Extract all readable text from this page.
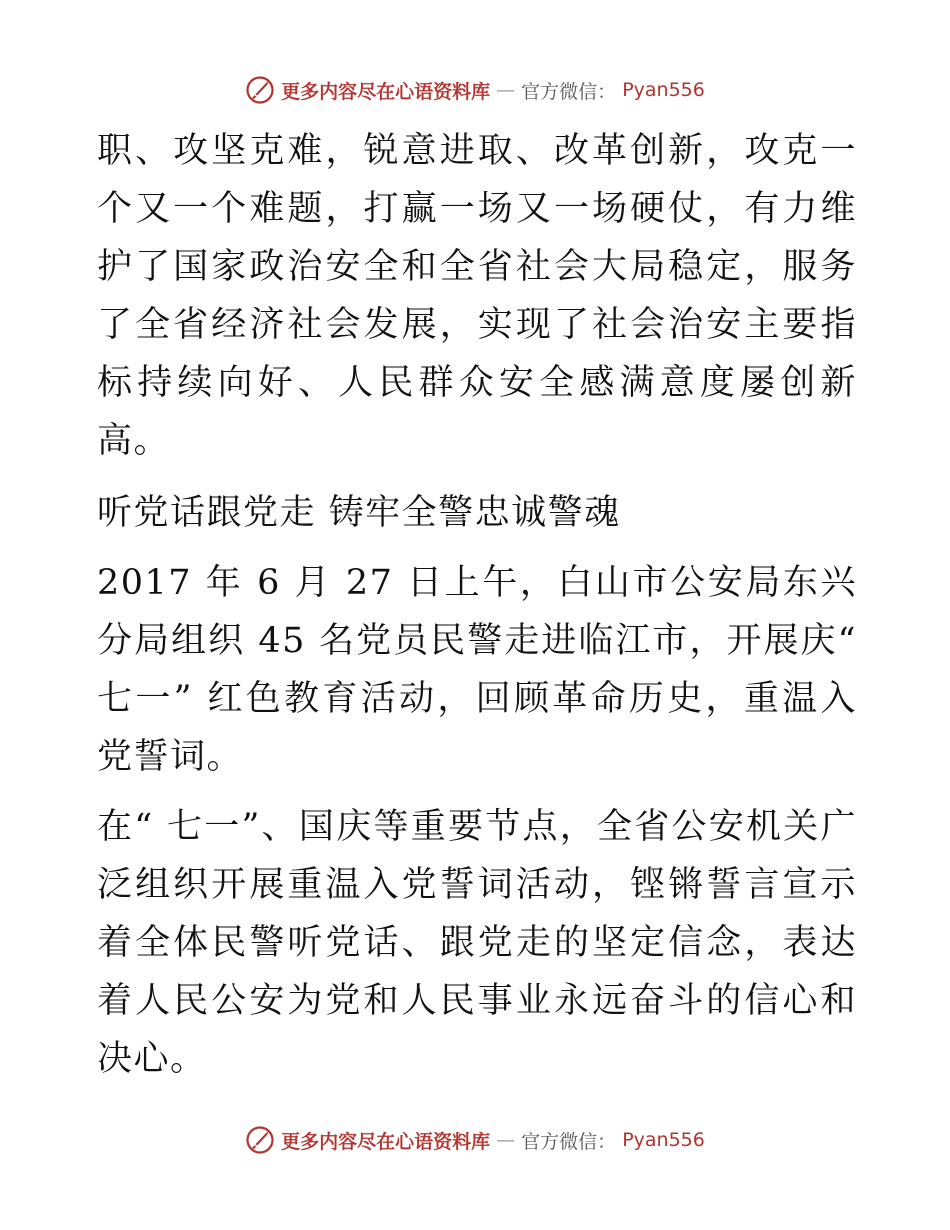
更多内容尽在心语资料库 — 官方微信： Pyan556

职、攻坚克难，锐意进取、改革创新，攻克一个又一个难题，打赢一场又一场硬仗，有力维护了国家政治安全和全省社会大局稳定，服务了全省经济社会发展，实现了社会治安主要指标持续向好、人民群众安全感满意度屡创新高。

听党话跟党走 铸牢全警忠诚警魂

2017 年 6 月 27 日上午，白山市公安局东兴分局组织 45 名党员民警走进临江市，开展庆“ 七一” 红色教育活动，回顾革命历史，重温入党誓词。

在“ 七一”、国庆等重要节点，全省公安机关广泛组织开展重温入党誓词活动，铿锵誓言宣示着全体民警听党话、跟党走的坚定信念，表达着人民公安为党和人民事业永远奋斗的信心和决心。

更多内容尽在心语资料库 — 官方微信： Pyan556
